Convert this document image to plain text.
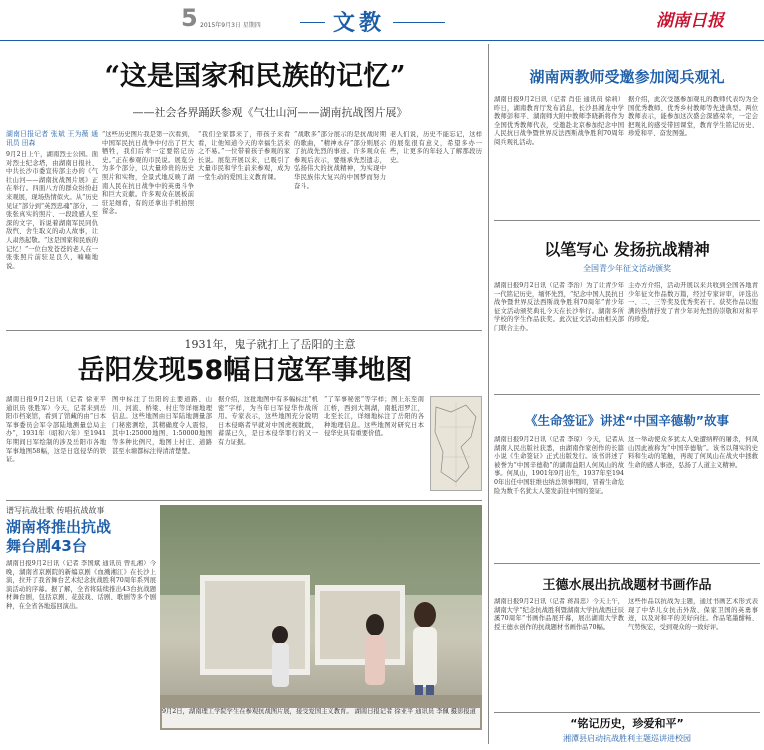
5 2015年9月3日 星期四	文教	湖南日报
“这是国家和民族的记忆”
——社会各界踊跃参观《气壮山河——湖南抗战图片展》
湖南日报记者 张斌 王为薇 通讯员 田森
9月2日上午，湖南烈士公园。面对烈士纪念塔，由湖南日报社、中共长沙市委宣传部主办的《气壮山河——湖南抗战图片展》正在举行。四面八方的群众纷纷赶来观展，现场热情似火。从“历史见证”部分到“英烈忠魂”部分，一张张真实的照片、一段段感人至深的文字，诉说着湖南军民同仇敌忾、舍生取义的动人故事，让人肃然起敬。“这是国家和民族的记忆！”一位白发苍苍的老人在一张张照片前驻足良久，喃喃地说。
“这些历史图片我是第一次看到，中国军民抗日战争中付出了巨大牺牲，我们后辈一定要铭记历史。”正在参观的市民说。展览分为多个部分，以大量珍贵的历史照片和实物，全景式地反映了湖南人民在抗日战争中的英勇斗争和巨大贡献。许多观众在展板前驻足细看，有的还拿出手机拍照留念。
“我们全家都来了，带孩子来看看，让他知道今天的幸福生活来之不易。”一位带着孩子参观的家长说。展览开展以来，已吸引了大量市民和学生前来参观，成为一堂生动的爱国主义教育课。
“战歌多”部分展示的是抗战时期的歌曲，“精神永存”部分则展示了抗战先烈的事迹。许多观众在参观后表示，要继承先烈遗志，弘扬伟大的抗战精神，为实现中华民族伟大复兴的中国梦而努力奋斗。
老人们说，历史不能忘记，这样的展览很有意义，希望多办一些，让更多的年轻人了解那段历史。
1931年，鬼子就打上了岳阳的主意
岳阳发现58幅日寇军事地图
湖南日报9月2日讯（记者 徐亚平 通讯员 张胜军）今天，记者来到岳阳市档案馆，看到了馆藏的由“日本军事委员会军令部陆地测量总局主办”，1931年（昭和六年）至1941年期间日军绘制的涉及岳阳市各地军事地图58幅，这是日寇侵华的铁证。
图中标注了岳阳的主要道路、山川、河流、桥梁、村庄等详细地理信息。这些地图由日军陆地测量部门秘密测绘，其精确度令人震惊，其中1:25000地图、1:50000地图等多种比例尺，地图上村庄、道路甚至水塘都标注得清清楚楚。
据介绍，这批地图中有多幅标注“机密”字样，为当年日军侵华作战所用。专家表示，这些地图充分说明日本侵略者早就对中国虎视眈眈，蓄谋已久，是日本侵华罪行的又一有力证据。
“了军事秘密”等字样；图上东至南江桥，西到大荆湖，南抵汨罗江，北至长江，详细地标注了岳阳的各种地理信息。这些地图对研究日本侵华史具有重要价值。
谱写抗战壮歌 传唱抗战故事
湖南将推出抗战舞台剧43台
湖南日报9月2日讯（记者 李国斌 通讯员 曾礼湘）今晚，湖南省京剧院的新编京剧《血溅湘江》在长沙上演，拉开了我省舞台艺术纪念抗战胜利70周年系列展演活动的序幕。据了解，全省将陆续推出43台抗战题材舞台剧，包括京剧、花鼓戏、话剧、歌剧等多个剧种，在全省各地巡回演出。
9月2日，湖南理工学院学生在参观抗战图片展，接受爱国主义教育。 湖南日报记者 徐亚平 通讯员 李佩 摄影报道
湖南两教师受邀参加阅兵观礼
湖南日报9月2日讯（记者 肖佳 通讯员 徐莉）昨日，湖南教育厅发布消息，长沙县湘龙中学教师彭和平、湖南师大附中教师李晓新将作为全国优秀教师代表，受邀赴北京参加纪念中国人民抗日战争暨世界反法西斯战争胜利70周年阅兵观礼活动。
据介绍，此次受邀参加观礼的教师代表均为全国优秀教师、优秀乡村教师等先进典型。两位教师表示，能参加这次盛会深感荣幸，一定会把观礼的感受带回课堂，教育学生铭记历史、珍爱和平、奋发图强。
以笔写心 发扬抗战精神
全国青少年征文活动颁奖
湖南日报9月2日讯（记者 李治）为了让青少年一代铭记历史，缅怀先烈，“纪念中国人民抗日战争暨世界反法西斯战争胜利70周年”青少年征文活动颁奖典礼今天在长沙举行。湖南多所学校的学生作品获奖。此次征文活动由相关部门联合主办。
主办方介绍，活动开展以来共收到全国各地青少年征文作品数万篇，经过专家评审，评选出一、二、三等奖及优秀奖若干。获奖作品以饱满的热情抒发了青少年对先烈的崇敬和对和平的珍爱。
《生命签证》讲述“中国辛德勒”故事
湖南日报9月2日讯（记者 李琼）今天，记者从湖南人民出版社获悉，由湖南作家创作的长篇小说《生命签证》正式出版发行。该书讲述了被誉为“中国辛德勒”的湖南益阳人何凤山的故事。何凤山，1901年9月出生，1937年至1940年出任中国驻维也纳总领事期间，冒着生命危险为数千名犹太人签发前往中国的签证。
这一举动使众多犹太人免遭纳粹的屠杀，何凤山因此被称为“中国辛德勒”。该书以翔实的史料和生动的笔触，再现了何凤山在战火中拯救生命的感人事迹，弘扬了人道主义精神。
王德水展出抗战题材书画作品
湖南日报9月2日讯（记者 蒋昌忠）今天上午，湖南大学“纪念抗战胜利暨湖南大学抗战西迁辰溪70周年”书画作品展开幕，展出湖南大学教授王德水创作的抗战题材书画作品70幅。
这些作品以抗战为主题，通过书画艺术形式表现了中华儿女抗击外敌、保家卫国的英勇事迹，以及对和平的美好向往。作品笔墨酣畅、气势恢宏，受到观众的一致好评。
“铭记历史，珍爱和平”
湘潭县启动抗战胜利主题巡讲进校园
